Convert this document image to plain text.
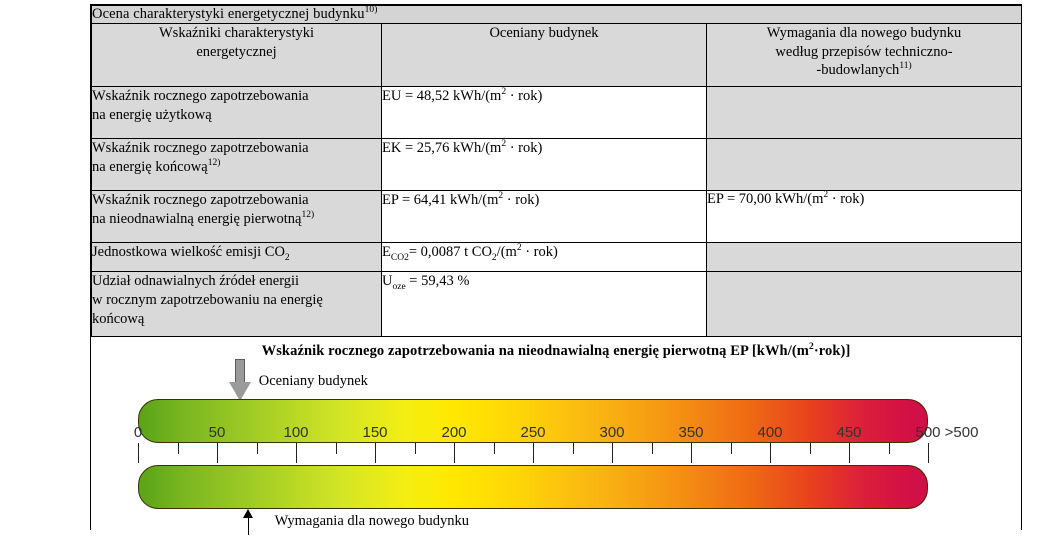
Ocena charakterystyki energetycznej budynku$^{10)}$
Wskaźniki charakterystyki
energetycznej	Oceniany budynek	Wymagania dla nowego budynku
według przepisów techniczno-
-budowlanych$^{11)}$
Wskaźnik rocznego zapotrzebowania
na energię użytkową	EU = 48,52 kWh/$(m^2 \cdot rok)$	
Wskaźnik rocznego zapotrzebowania
na energię końcową$^{12)}$	EK = 25,76 kWh/$(m^2 \cdot rok)$	
Wskaźnik rocznego zapotrzebowania
na nieodnawialną energię pierwotną$^{12)}$	EP = 64,41 kWh/$(m^2 \cdot rok)$	EP = 70,00 kWh/$(m^2 \cdot rok)$
Jednostkowa wielkość emisji $CO_2$	$E_{CO2}= 0,0087$ t $CO_2/(m^2 \cdot rok)$	
Udział odnawialnych źródeł energii
w rocznym zapotrzebowaniu na energię
końcową	$U_{oze} = 59,43$ %	
Wskaźnik rocznego zapotrzebowania na nieodnawialną energię pierwotną EP $[kWh/(m^2\cdot rok)]$
Oceniany budynek
0	50	100	150	200	250	300	350	400	450	500 >500
Wymagania dla nowego budynku
